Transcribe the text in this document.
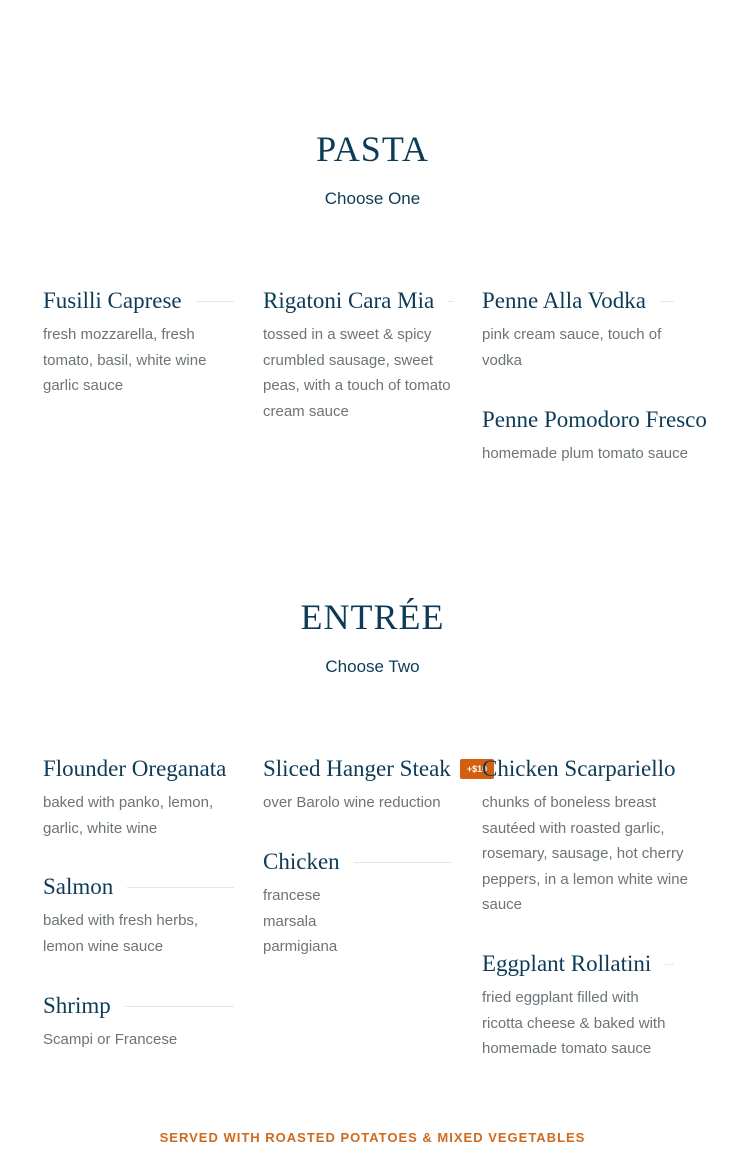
PASTA
Choose One
Fusilli Caprese
fresh mozzarella, fresh tomato, basil, white wine garlic sauce
Rigatoni Cara Mia
tossed in a sweet & spicy crumbled sausage, sweet peas, with a touch of tomato cream sauce
Penne Alla Vodka
pink cream sauce, touch of vodka
Penne Pomodoro Fresco
homemade plum tomato sauce
ENTRÉE
Choose Two
Flounder Oreganata
baked with panko, lemon, garlic, white wine
Salmon
baked with fresh herbs, lemon wine sauce
Shrimp
Scampi or Francese
Sliced Hanger Steak
over Barolo wine reduction
+$10
Chicken
francese
marsala
parmigiana
Chicken Scarpariello
chunks of boneless breast sautéed with roasted garlic, rosemary, sausage, hot cherry peppers, in a lemon white wine sauce
Eggplant Rollatini
fried eggplant filled with ricotta cheese & baked with homemade tomato sauce
SERVED WITH ROASTED POTATOES & MIXED VEGETABLES
